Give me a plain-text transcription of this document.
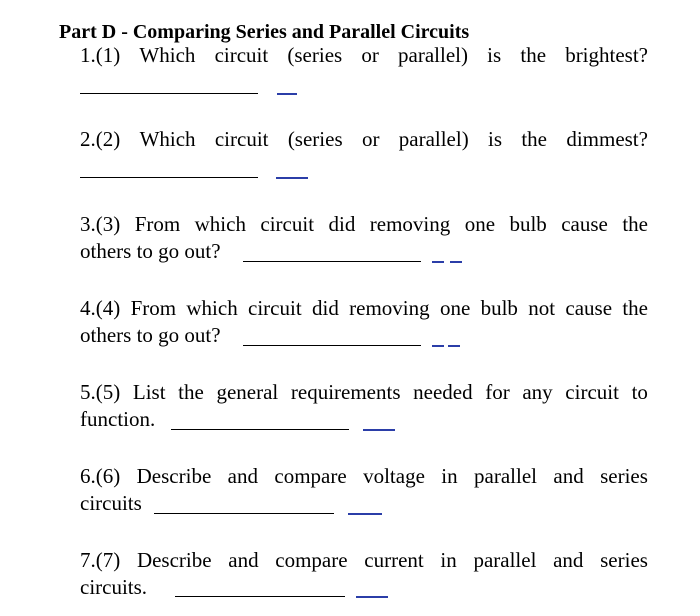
Part D - Comparing Series and Parallel Circuits
1.(1) Which circuit (series or parallel) is the brightest?
2.(2) Which circuit (series or parallel) is the dimmest?
3.(3) From which circuit did removing one bulb cause the
others to go out?
4.(4) From which circuit did removing one bulb not cause the
others to go out?
5.(5) List the general requirements needed for any circuit to
function.
6.(6) Describe and compare voltage in parallel and series
circuits
7.(7) Describe and compare current in parallel and series
circuits.
